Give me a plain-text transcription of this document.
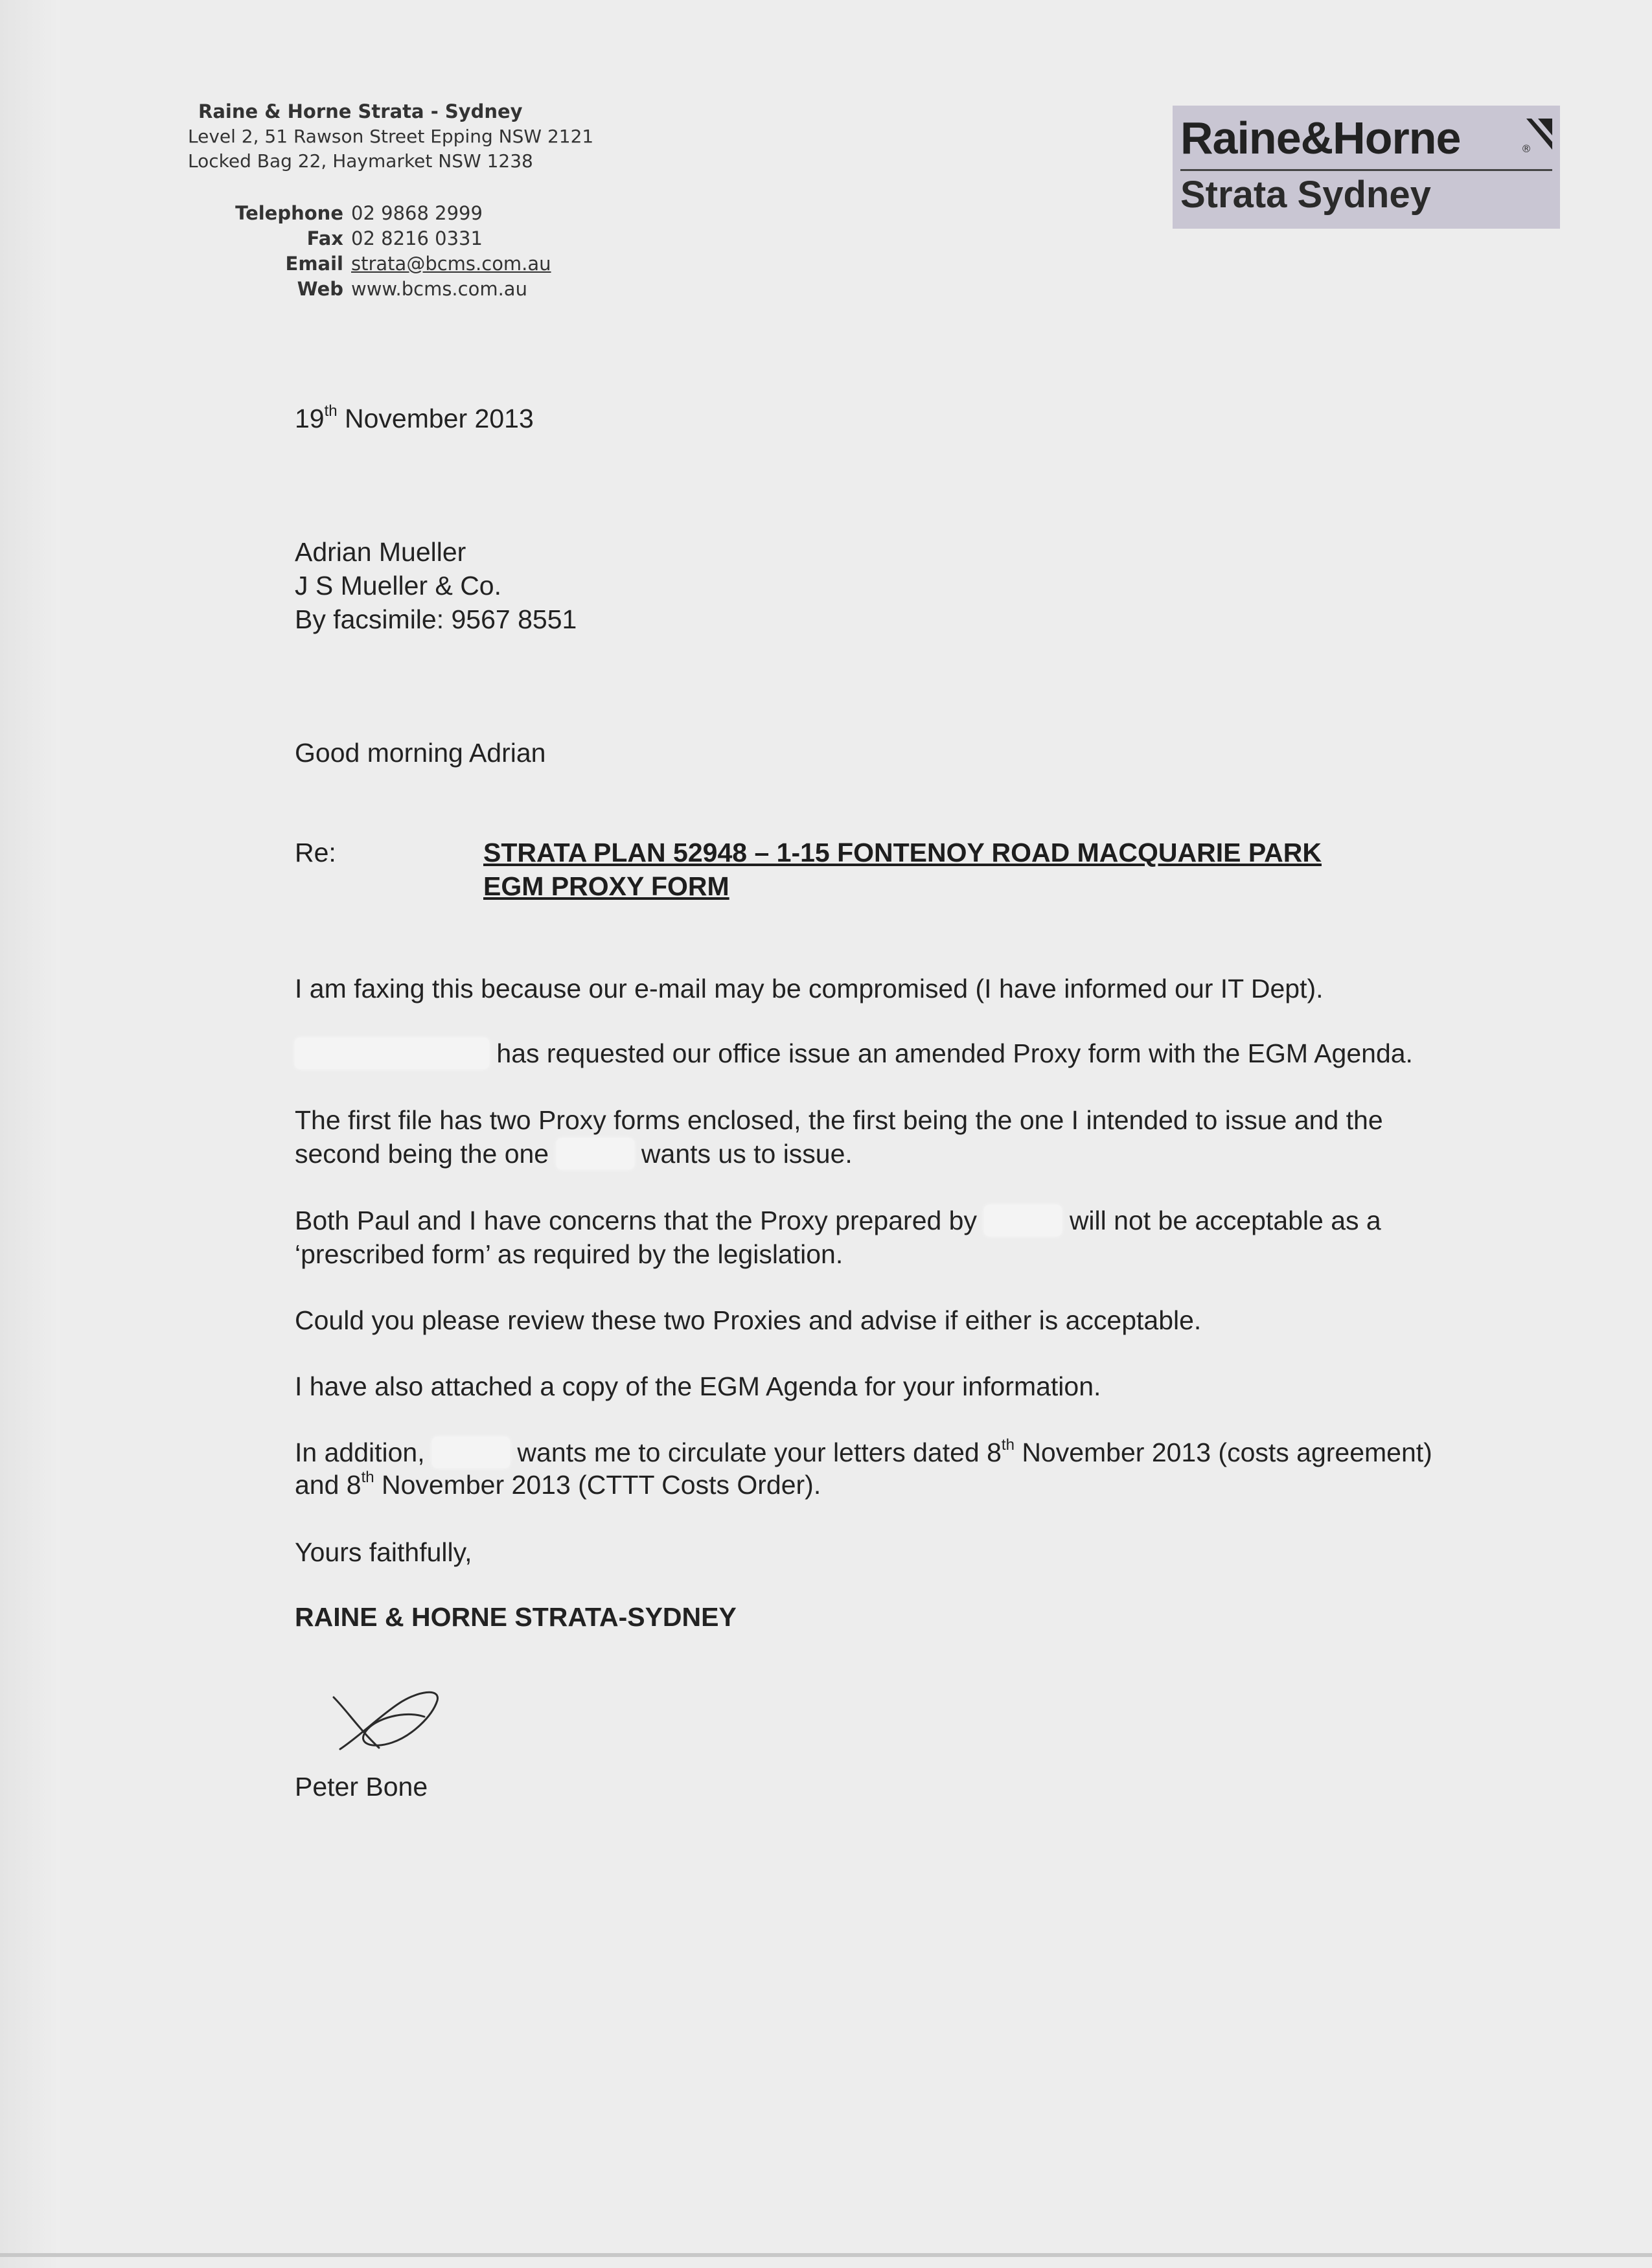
Raine & Horne Strata - Sydney
Level 2, 51 Rawson Street Epping NSW 2121
Locked Bag 22, Haymarket NSW 1238
Telephone 02 9868 2999
Fax 02 8216 0331
Email strata@bcms.com.au
Web www.bcms.com.au
Raine&Horne	®
Strata Sydney
19th November 2013
Adrian Mueller
J S Mueller & Co.
By facsimile: 9567 8551
Good morning Adrian
Re:	STRATA PLAN 52948 – 1-15 FONTENOY ROAD MACQUARIE PARK
EGM PROXY FORM
I am faxing this because our e-mail may be compromised (I have informed our IT Dept).
has requested our office issue an amended Proxy form with the EGM Agenda.
The first file has two Proxy forms enclosed, the first being the one I intended to issue and the
second being the one	wants us to issue.
Both Paul and I have concerns that the Proxy prepared by	will not be acceptable as a
‘prescribed form’ as required by the legislation.
Could you please review these two Proxies and advise if either is acceptable.
I have also attached a copy of the EGM Agenda for your information.
In addition,	wants me to circulate your letters dated 8th November 2013 (costs agreement)
and 8th November 2013 (CTTT Costs Order).
Yours faithfully,
RAINE & HORNE STRATA-SYDNEY
Peter Bone
